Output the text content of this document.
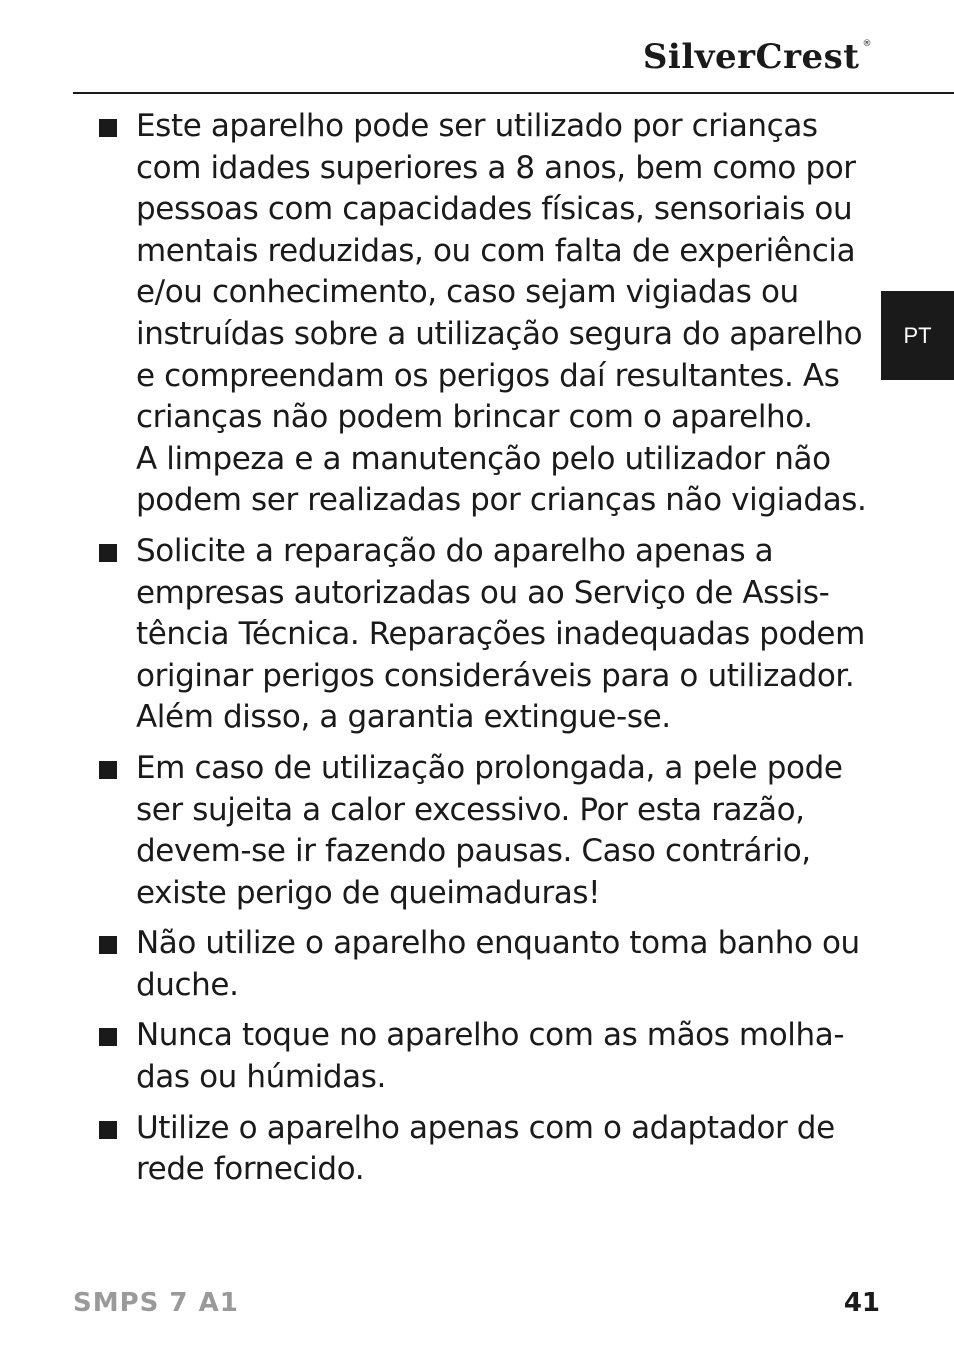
SilverCrest ®
PT
Este aparelho pode ser utilizado por crianças
com idades superiores a 8 anos, bem como por
pessoas com capacidades físicas, sensoriais ou
mentais reduzidas, ou com falta de experiência
e/ou conhecimento, caso sejam vigiadas ou
instruídas sobre a utilização segura do aparelho
e compreendam os perigos daí resultantes. As
crianças não podem brincar com o aparelho.
A limpeza e a manutenção pelo utilizador não
podem ser realizadas por crianças não vigiadas.
Solicite a reparação do aparelho apenas a
empresas autorizadas ou ao Serviço de Assis-
tência Técnica. Reparações inadequadas podem
originar perigos consideráveis para o utilizador.
Além disso, a garantia extingue-se.
Em caso de utilização prolongada, a pele pode
ser sujeita a calor excessivo. Por esta razão,
devem-se ir fazendo pausas. Caso contrário,
existe perigo de queimaduras!
Não utilize o aparelho enquanto toma banho ou
duche.
Nunca toque no aparelho com as mãos molha-
das ou húmidas.
Utilize o aparelho apenas com o adaptador de
rede fornecido.
SMPS 7 A1	41
